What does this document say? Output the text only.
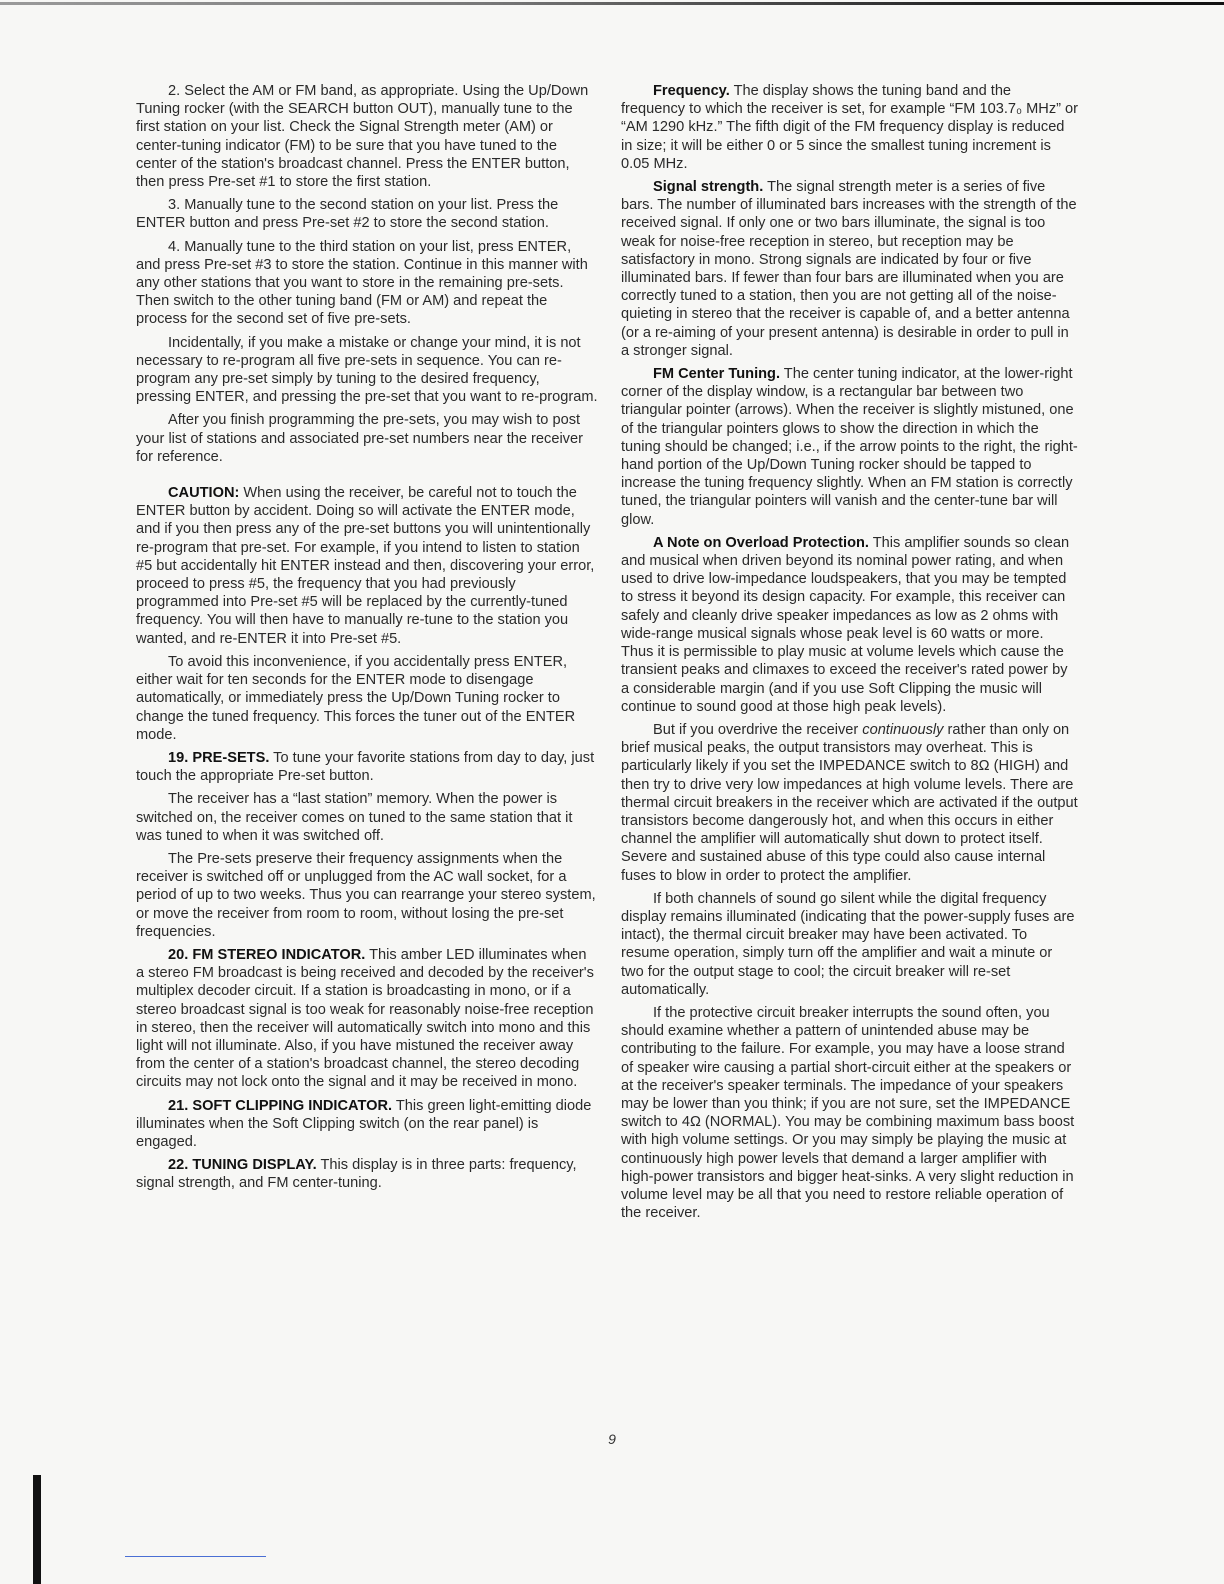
2. Select the AM or FM band, as appropriate. Using the Up/Down Tuning rocker (with the SEARCH button OUT), manually tune to the first station on your list. Check the Signal Strength meter (AM) or center-tuning indicator (FM) to be sure that you have tuned to the center of the station's broadcast channel. Press the ENTER button, then press Pre-set #1 to store the first station.

3. Manually tune to the second station on your list. Press the ENTER button and press Pre-set #2 to store the second station.

4. Manually tune to the third station on your list, press ENTER, and press Pre-set #3 to store the station. Continue in this manner with any other stations that you want to store in the remaining pre-sets. Then switch to the other tuning band (FM or AM) and repeat the process for the second set of five pre-sets.

Incidentally, if you make a mistake or change your mind, it is not necessary to re-program all five pre-sets in sequence. You can re-program any pre-set simply by tuning to the desired frequency, pressing ENTER, and pressing the pre-set that you want to re-program.

After you finish programming the pre-sets, you may wish to post your list of stations and associated pre-set numbers near the receiver for reference.

CAUTION: When using the receiver, be careful not to touch the ENTER button by accident. Doing so will activate the ENTER mode, and if you then press any of the pre-set buttons you will unintentionally re-program that pre-set. For example, if you intend to listen to station #5 but accidentally hit ENTER instead and then, discovering your error, proceed to press #5, the frequency that you had previously programmed into Pre-set #5 will be replaced by the currently-tuned frequency. You will then have to manually re-tune to the station you wanted, and re-ENTER it into Pre-set #5.

To avoid this inconvenience, if you accidentally press ENTER, either wait for ten seconds for the ENTER mode to disengage automatically, or immediately press the Up/Down Tuning rocker to change the tuned frequency. This forces the tuner out of the ENTER mode.

19. PRE-SETS. To tune your favorite stations from day to day, just touch the appropriate Pre-set button.

The receiver has a “last station” memory. When the power is switched on, the receiver comes on tuned to the same station that it was tuned to when it was switched off.

The Pre-sets preserve their frequency assignments when the receiver is switched off or unplugged from the AC wall socket, for a period of up to two weeks. Thus you can rearrange your stereo system, or move the receiver from room to room, without losing the pre-set frequencies.

20. FM STEREO INDICATOR. This amber LED illuminates when a stereo FM broadcast is being received and decoded by the receiver's multiplex decoder circuit. If a station is broadcasting in mono, or if a stereo broadcast signal is too weak for reasonably noise-free reception in stereo, then the receiver will automatically switch into mono and this light will not illuminate. Also, if you have mistuned the receiver away from the center of a station's broadcast channel, the stereo decoding circuits may not lock onto the signal and it may be received in mono.

21. SOFT CLIPPING INDICATOR. This green light-emitting diode illuminates when the Soft Clipping switch (on the rear panel) is engaged.

22. TUNING DISPLAY. This display is in three parts: frequency, signal strength, and FM center-tuning.

Frequency. The display shows the tuning band and the frequency to which the receiver is set, for example “FM 103.7₀ MHz” or “AM 1290 kHz.” The fifth digit of the FM frequency display is reduced in size; it will be either 0 or 5 since the smallest tuning increment is 0.05 MHz.

Signal strength. The signal strength meter is a series of five bars. The number of illuminated bars increases with the strength of the received signal. If only one or two bars illuminate, the signal is too weak for noise-free reception in stereo, but reception may be satisfactory in mono. Strong signals are indicated by four or five illuminated bars. If fewer than four bars are illuminated when you are correctly tuned to a station, then you are not getting all of the noise-quieting in stereo that the receiver is capable of, and a better antenna (or a re-aiming of your present antenna) is desirable in order to pull in a stronger signal.

FM Center Tuning. The center tuning indicator, at the lower-right corner of the display window, is a rectangular bar between two triangular pointer (arrows). When the receiver is slightly mistuned, one of the triangular pointers glows to show the direction in which the tuning should be changed; i.e., if the arrow points to the right, the right-hand portion of the Up/Down Tuning rocker should be tapped to increase the tuning frequency slightly. When an FM station is correctly tuned, the triangular pointers will vanish and the center-tune bar will glow.

A Note on Overload Protection. This amplifier sounds so clean and musical when driven beyond its nominal power rating, and when used to drive low-impedance loudspeakers, that you may be tempted to stress it beyond its design capacity. For example, this receiver can safely and cleanly drive speaker impedances as low as 2 ohms with wide-range musical signals whose peak level is 60 watts or more. Thus it is permissible to play music at volume levels which cause the transient peaks and climaxes to exceed the receiver's rated power by a considerable margin (and if you use Soft Clipping the music will continue to sound good at those high peak levels).

But if you overdrive the receiver continuously rather than only on brief musical peaks, the output transistors may overheat. This is particularly likely if you set the IMPEDANCE switch to 8Ω (HIGH) and then try to drive very low impedances at high volume levels. There are thermal circuit breakers in the receiver which are activated if the output transistors become dangerously hot, and when this occurs in either channel the amplifier will automatically shut down to protect itself. Severe and sustained abuse of this type could also cause internal fuses to blow in order to protect the amplifier.

If both channels of sound go silent while the digital frequency display remains illuminated (indicating that the power-supply fuses are intact), the thermal circuit breaker may have been activated. To resume operation, simply turn off the amplifier and wait a minute or two for the output stage to cool; the circuit breaker will re-set automatically.

If the protective circuit breaker interrupts the sound often, you should examine whether a pattern of unintended abuse may be contributing to the failure. For example, you may have a loose strand of speaker wire causing a partial short-circuit either at the speakers or at the receiver's speaker terminals. The impedance of your speakers may be lower than you think; if you are not sure, set the IMPEDANCE switch to 4Ω (NORMAL). You may be combining maximum bass boost with high volume settings. Or you may simply be playing the music at continuously high power levels that demand a larger amplifier with high-power transistors and bigger heat-sinks. A very slight reduction in volume level may be all that you need to restore reliable operation of the receiver.

9
